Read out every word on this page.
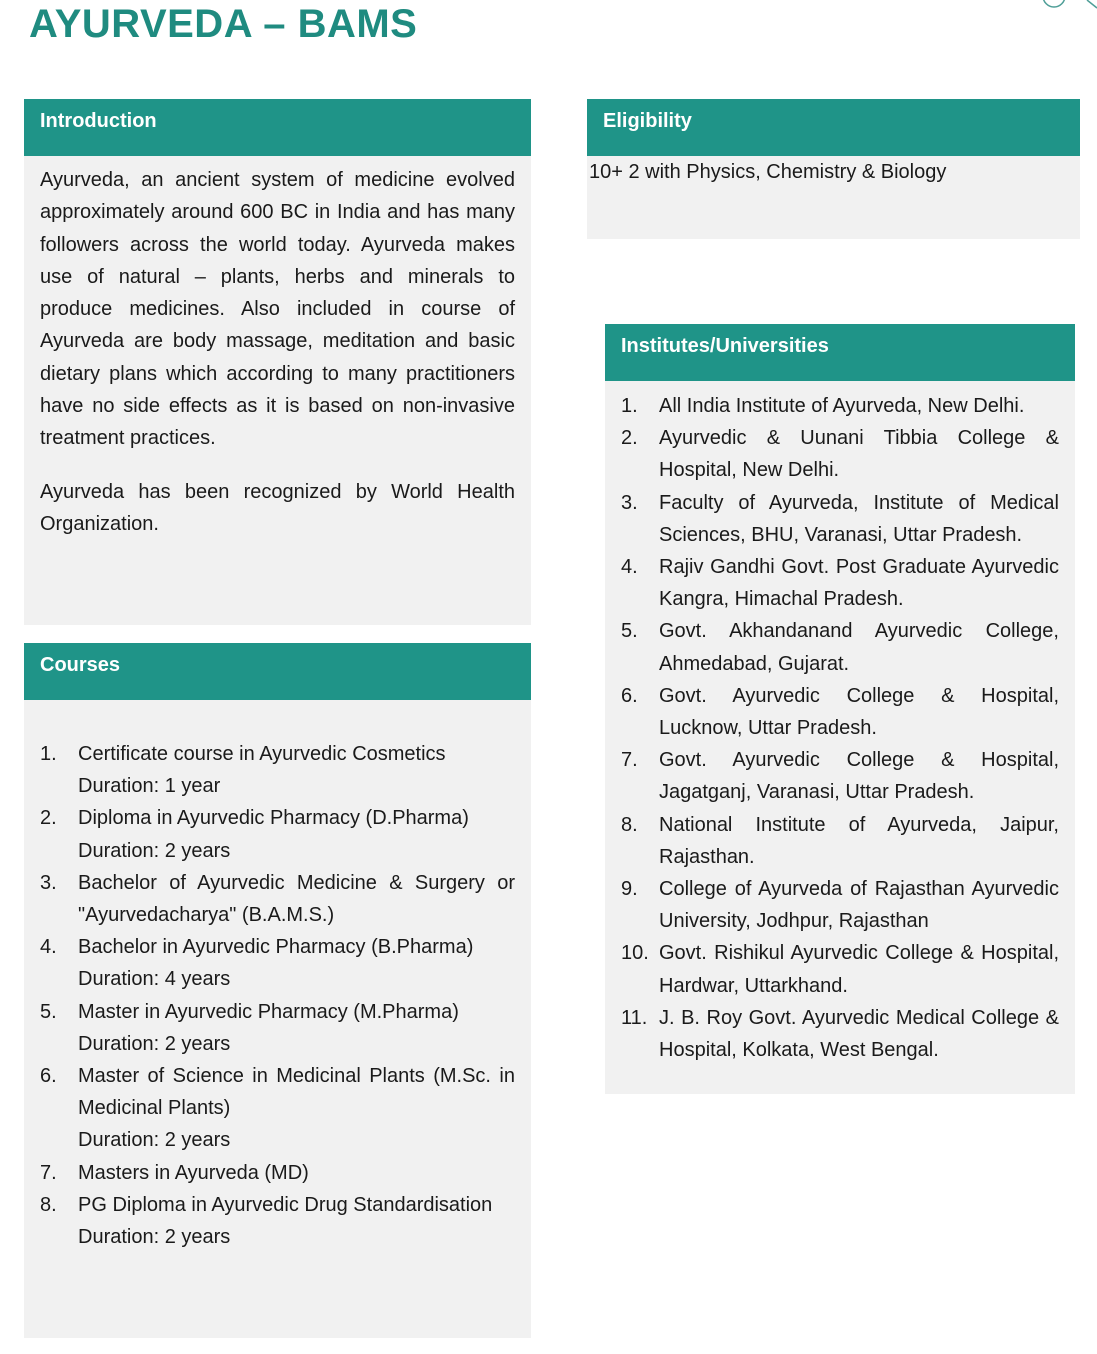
AYURVEDA – BAMS
Introduction

Ayurveda, an ancient system of medicine evolved approximately around 600 BC in India and has many followers across the world today. Ayurveda makes use of natural – plants, herbs and minerals to produce medicines. Also included in course of Ayurveda are body massage, meditation and basic dietary plans which according to many practitioners have no side effects as it is based on non-invasive treatment practices.

Ayurveda has been recognized by World Health Organization.

Eligibility
10+ 2 with Physics, Chemistry & Biology
Courses
1. Certificate course in Ayurvedic Cosmetics
Duration: 1 year
2. Diploma in Ayurvedic Pharmacy (D.Pharma)
Duration: 2 years
3. Bachelor of Ayurvedic Medicine & Surgery or "Ayurvedacharya" (B.A.M.S.)
4. Bachelor in Ayurvedic Pharmacy (B.Pharma)
Duration: 4 years
5. Master in Ayurvedic Pharmacy (M.Pharma)
Duration: 2 years
6. Master of Science in Medicinal Plants (M.Sc. in Medicinal Plants)
Duration: 2 years
7. Masters in Ayurveda (MD)
8. PG Diploma in Ayurvedic Drug Standardisation
Duration: 2 years
Institutes/Universities
1. All India Institute of Ayurveda, New Delhi.
2. Ayurvedic & Uunani Tibbia College & Hospital, New Delhi.
3. Faculty of Ayurveda, Institute of Medical Sciences, BHU, Varanasi, Uttar Pradesh.
4. Rajiv Gandhi Govt. Post Graduate Ayurvedic Kangra, Himachal Pradesh.
5. Govt. Akhandanand Ayurvedic College, Ahmedabad, Gujarat.
6. Govt. Ayurvedic College & Hospital, Lucknow, Uttar Pradesh.
7. Govt. Ayurvedic College & Hospital, Jagatganj, Varanasi, Uttar Pradesh.
8. National Institute of Ayurveda, Jaipur, Rajasthan.
9. College of Ayurveda of Rajasthan Ayurvedic University, Jodhpur, Rajasthan
10. Govt. Rishikul Ayurvedic College & Hospital, Hardwar, Uttarkhand.
11. J. B. Roy Govt. Ayurvedic Medical College & Hospital, Kolkata, West Bengal.
